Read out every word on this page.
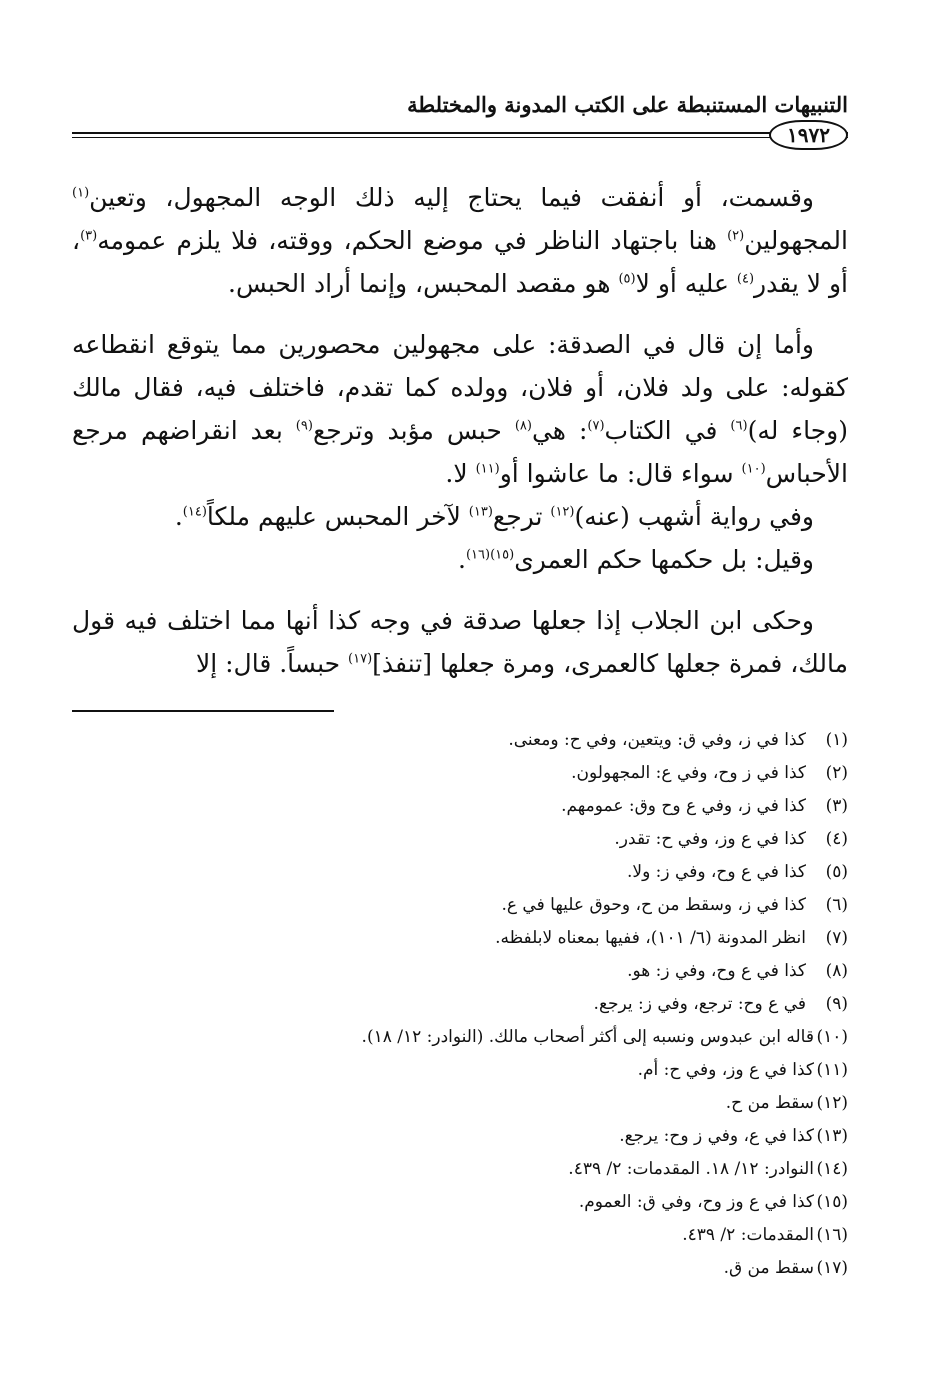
التنبيهات المستنبطة على الكتب المدونة والمختلطة
١٩٧٢

وقسمت، أو أنفقت فيما يحتاج إليه ذلك الوجه المجهول، وتعين$^{(١)}$ المجهولين$^{(٢)}$ هنا باجتهاد الناظر في موضع الحكم، ووقته، فلا يلزم عمومه$^{(٣)}$، أو لا يقدر$^{(٤)}$ عليه أو لا$^{(٥)}$ هو مقصد المحبس، وإنما أراد الحبس.

وأما إن قال في الصدقة: على مجهولين محصورين مما يتوقع انقطاعه كقوله: على ولد فلان، أو فلان، وولده كما تقدم، فاختلف فيه، فقال مالك (وجاء له)$^{(٦)}$ في الكتاب$^{(٧)}$: هي$^{(٨)}$ حبس مؤبد وترجع$^{(٩)}$ بعد انقراضهم مرجع الأحباس$^{(١٠)}$ سواء قال: ما عاشوا أو$^{(١١)}$ لا.

وفي رواية أشهب (عنه)$^{(١٢)}$ ترجع$^{(١٣)}$ لآخر المحبس عليهم ملكاً$^{(١٤)}$.

وقيل: بل حكمها حكم العمرى$^{(١٥)(١٦)}$.

وحكى ابن الجلاب إذا جعلها صدقة في وجه كذا أنها مما اختلف فيه قول مالك، فمرة جعلها كالعمرى، ومرة جعلها [تنفذ]$^{(١٧)}$ حبساً. قال: إلا

(١)كذا في ز، وفي ق: ويتعين، وفي ح: ومعنى.
(٢)كذا في ز وح، وفي ع: المجهولون.
(٣)كذا في ز، وفي ع وح وق: عمومهم.
(٤)كذا في ع وز، وفي ح: تقدر.
(٥)كذا في ع وح، وفي ز: ولا.
(٦)كذا في ز، وسقط من ح، وحوق عليها في ع.
(٧)انظر المدونة (٦/ ١٠١)، ففيها بمعناه لابلفظه.
(٨)كذا في ع وح، وفي ز: هو.
(٩)في ع وح: ترجع، وفي ز: يرجع.
(١٠)قاله ابن عبدوس ونسبه إلى أكثر أصحاب مالك. (النوادر: ١٢/ ١٨).
(١١)كذا في ع وز، وفي ح: أم.
(١٢)سقط من ح.
(١٣)كذا في ع، وفي ز وح: يرجع.
(١٤)النوادر: ١٢/ ١٨. المقدمات: ٢/ ٤٣٩.
(١٥)كذا في ع وز وح، وفي ق: العموم.
(١٦)المقدمات: ٢/ ٤٣٩.
(١٧)سقط من ق.
